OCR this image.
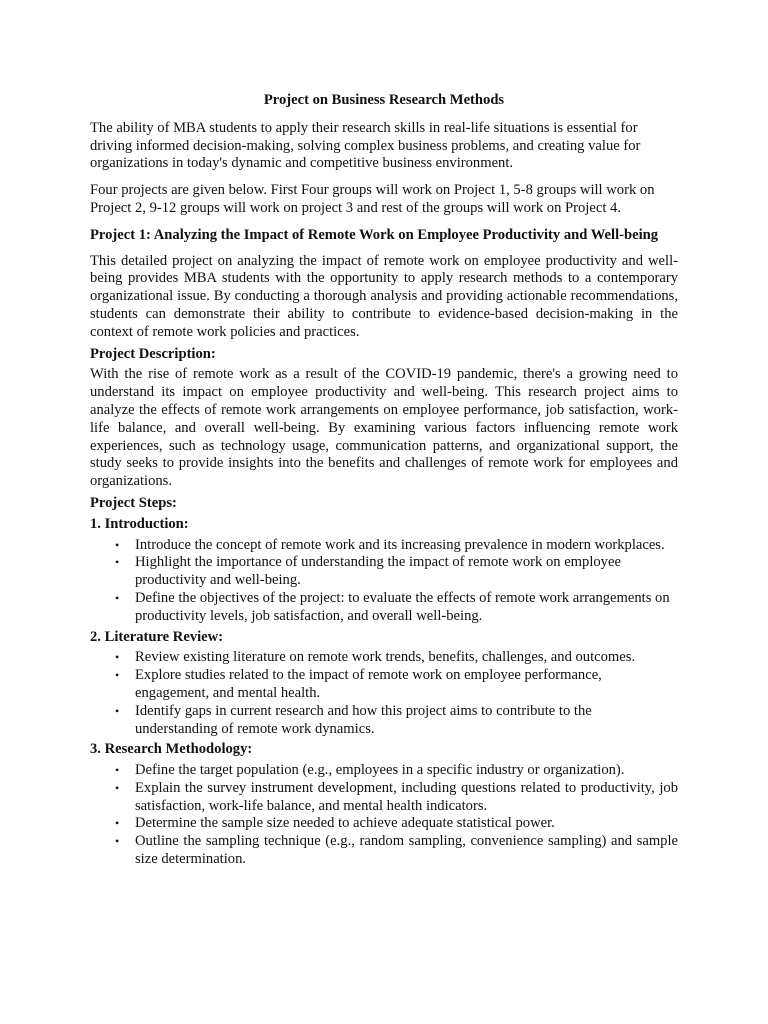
Project on Business Research Methods

The ability of MBA students to apply their research skills in real-life situations is essential for driving informed decision-making, solving complex business problems, and creating value for organizations in today's dynamic and competitive business environment.

Four projects are given below. First Four groups will work on Project 1, 5-8 groups will work on Project 2, 9-12 groups will work on project 3 and rest of the groups will work on Project 4.

Project 1: Analyzing the Impact of Remote Work on Employee Productivity and Well-being

This detailed project on analyzing the impact of remote work on employee productivity and well-being provides MBA students with the opportunity to apply research methods to a contemporary organizational issue. By conducting a thorough analysis and providing actionable recommendations, students can demonstrate their ability to contribute to evidence-based decision-making in the context of remote work policies and practices.

Project Description:

With the rise of remote work as a result of the COVID-19 pandemic, there's a growing need to understand its impact on employee productivity and well-being. This research project aims to analyze the effects of remote work arrangements on employee performance, job satisfaction, work-life balance, and overall well-being. By examining various factors influencing remote work experiences, such as technology usage, communication patterns, and organizational support, the study seeks to provide insights into the benefits and challenges of remote work for employees and organizations.

Project Steps:
1. Introduction:
• Introduce the concept of remote work and its increasing prevalence in modern workplaces.
• Highlight the importance of understanding the impact of remote work on employee productivity and well-being.
• Define the objectives of the project: to evaluate the effects of remote work arrangements on productivity levels, job satisfaction, and overall well-being.
2. Literature Review:
• Review existing literature on remote work trends, benefits, challenges, and outcomes.
• Explore studies related to the impact of remote work on employee performance, engagement, and mental health.
• Identify gaps in current research and how this project aims to contribute to the understanding of remote work dynamics.
3. Research Methodology:
• Define the target population (e.g., employees in a specific industry or organization).
• Explain the survey instrument development, including questions related to productivity, job satisfaction, work-life balance, and mental health indicators.
• Determine the sample size needed to achieve adequate statistical power.
• Outline the sampling technique (e.g., random sampling, convenience sampling) and sample size determination.
